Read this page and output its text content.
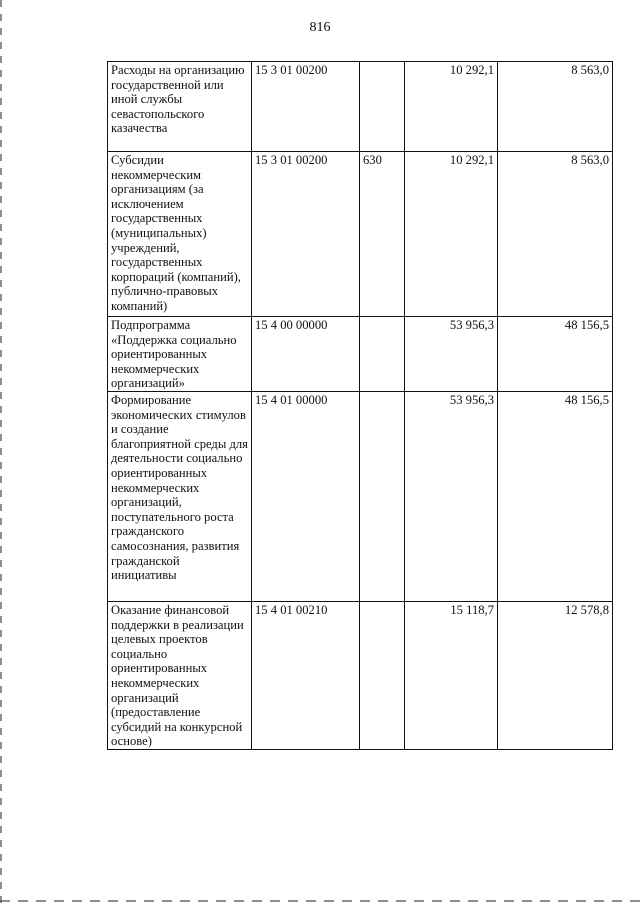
816
Расходы на организацию государственной или иной службы севастопольского казачества	15 3 01 00200		10 292,1	8 563,0
Субсидии некоммерческим организациям (за исключением государственных (муниципальных) учреждений, государственных корпораций (компаний), публично-правовых компаний)	15 3 01 00200	630	10 292,1	8 563,0
Подпрограмма «Поддержка социально ориентированных некоммерческих организаций»	15 4 00 00000		53 956,3	48 156,5
Формирование экономических стимулов и создание благоприятной среды для деятельности социально ориентированных некоммерческих организаций, поступательного роста гражданского самосознания, развития гражданской инициативы	15 4 01 00000		53 956,3	48 156,5
Оказание финансовой поддержки в реализации целевых проектов социально ориентированных некоммерческих организаций (предоставление субсидий на конкурсной основе)	15 4 01 00210		15 118,7	12 578,8
